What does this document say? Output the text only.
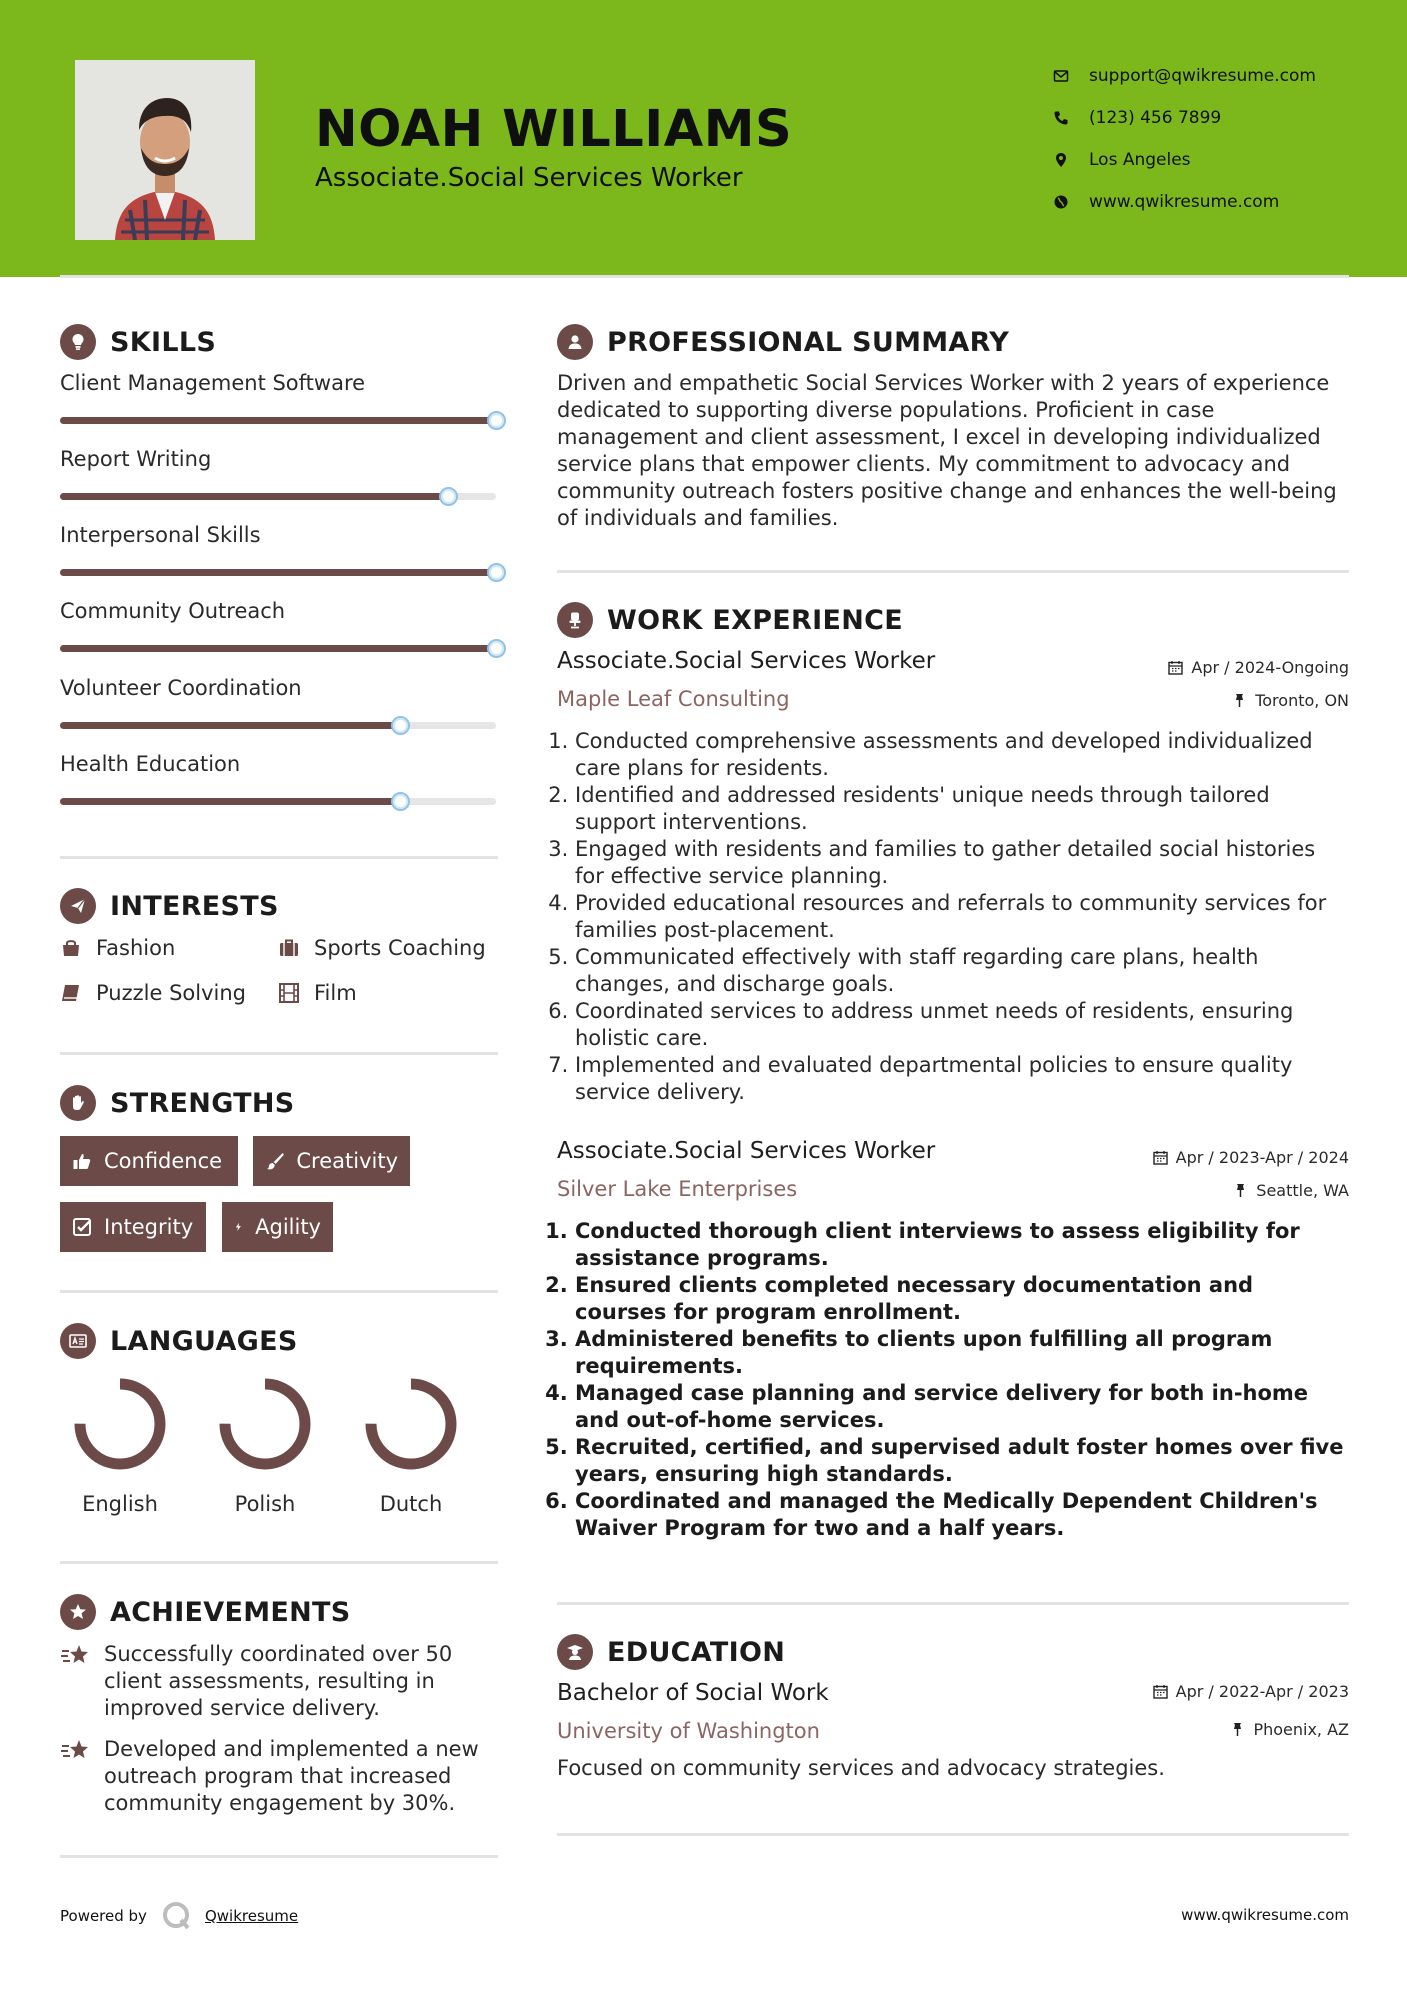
NOAH WILLIAMS
Associate.Social Services Worker
support@qwikresume.com
(123) 456 7899
Los Angeles
www.qwikresume.com
SKILLS
Client Management Software
Report Writing
Interpersonal Skills
Community Outreach
Volunteer Coordination
Health Education
INTERESTS
Fashion	Sports Coaching
Puzzle Solving	Film
STRENGTHS
Confidence	Creativity
Integrity	Agility
LANGUAGES
English	Polish	Dutch
ACHIEVEMENTS
Successfully coordinated over 50 client assessments, resulting in improved service delivery.
Developed and implemented a new outreach program that increased community engagement by 30%.
PROFESSIONAL SUMMARY
Driven and empathetic Social Services Worker with 2 years of experience dedicated to supporting diverse populations. Proficient in case management and client assessment, I excel in developing individualized service plans that empower clients. My commitment to advocacy and community outreach fosters positive change and enhances the well-being of individuals and families.
WORK EXPERIENCE
Associate.Social Services Worker	Apr / 2024-Ongoing
Maple Leaf Consulting	Toronto, ON
1. Conducted comprehensive assessments and developed individualized care plans for residents.
2. Identified and addressed residents' unique needs through tailored support interventions.
3. Engaged with residents and families to gather detailed social histories for effective service planning.
4. Provided educational resources and referrals to community services for families post-placement.
5. Communicated effectively with staff regarding care plans, health changes, and discharge goals.
6. Coordinated services to address unmet needs of residents, ensuring holistic care.
7. Implemented and evaluated departmental policies to ensure quality service delivery.
Associate.Social Services Worker	Apr / 2023-Apr / 2024
Silver Lake Enterprises	Seattle, WA
1. Conducted thorough client interviews to assess eligibility for assistance programs.
2. Ensured clients completed necessary documentation and courses for program enrollment.
3. Administered benefits to clients upon fulfilling all program requirements.
4. Managed case planning and service delivery for both in-home and out-of-home services.
5. Recruited, certified, and supervised adult foster homes over five years, ensuring high standards.
6. Coordinated and managed the Medically Dependent Children's Waiver Program for two and a half years.
EDUCATION
Bachelor of Social Work	Apr / 2022-Apr / 2023
University of Washington	Phoenix, AZ
Focused on community services and advocacy strategies.
Powered by	Qwikresume	www.qwikresume.com
